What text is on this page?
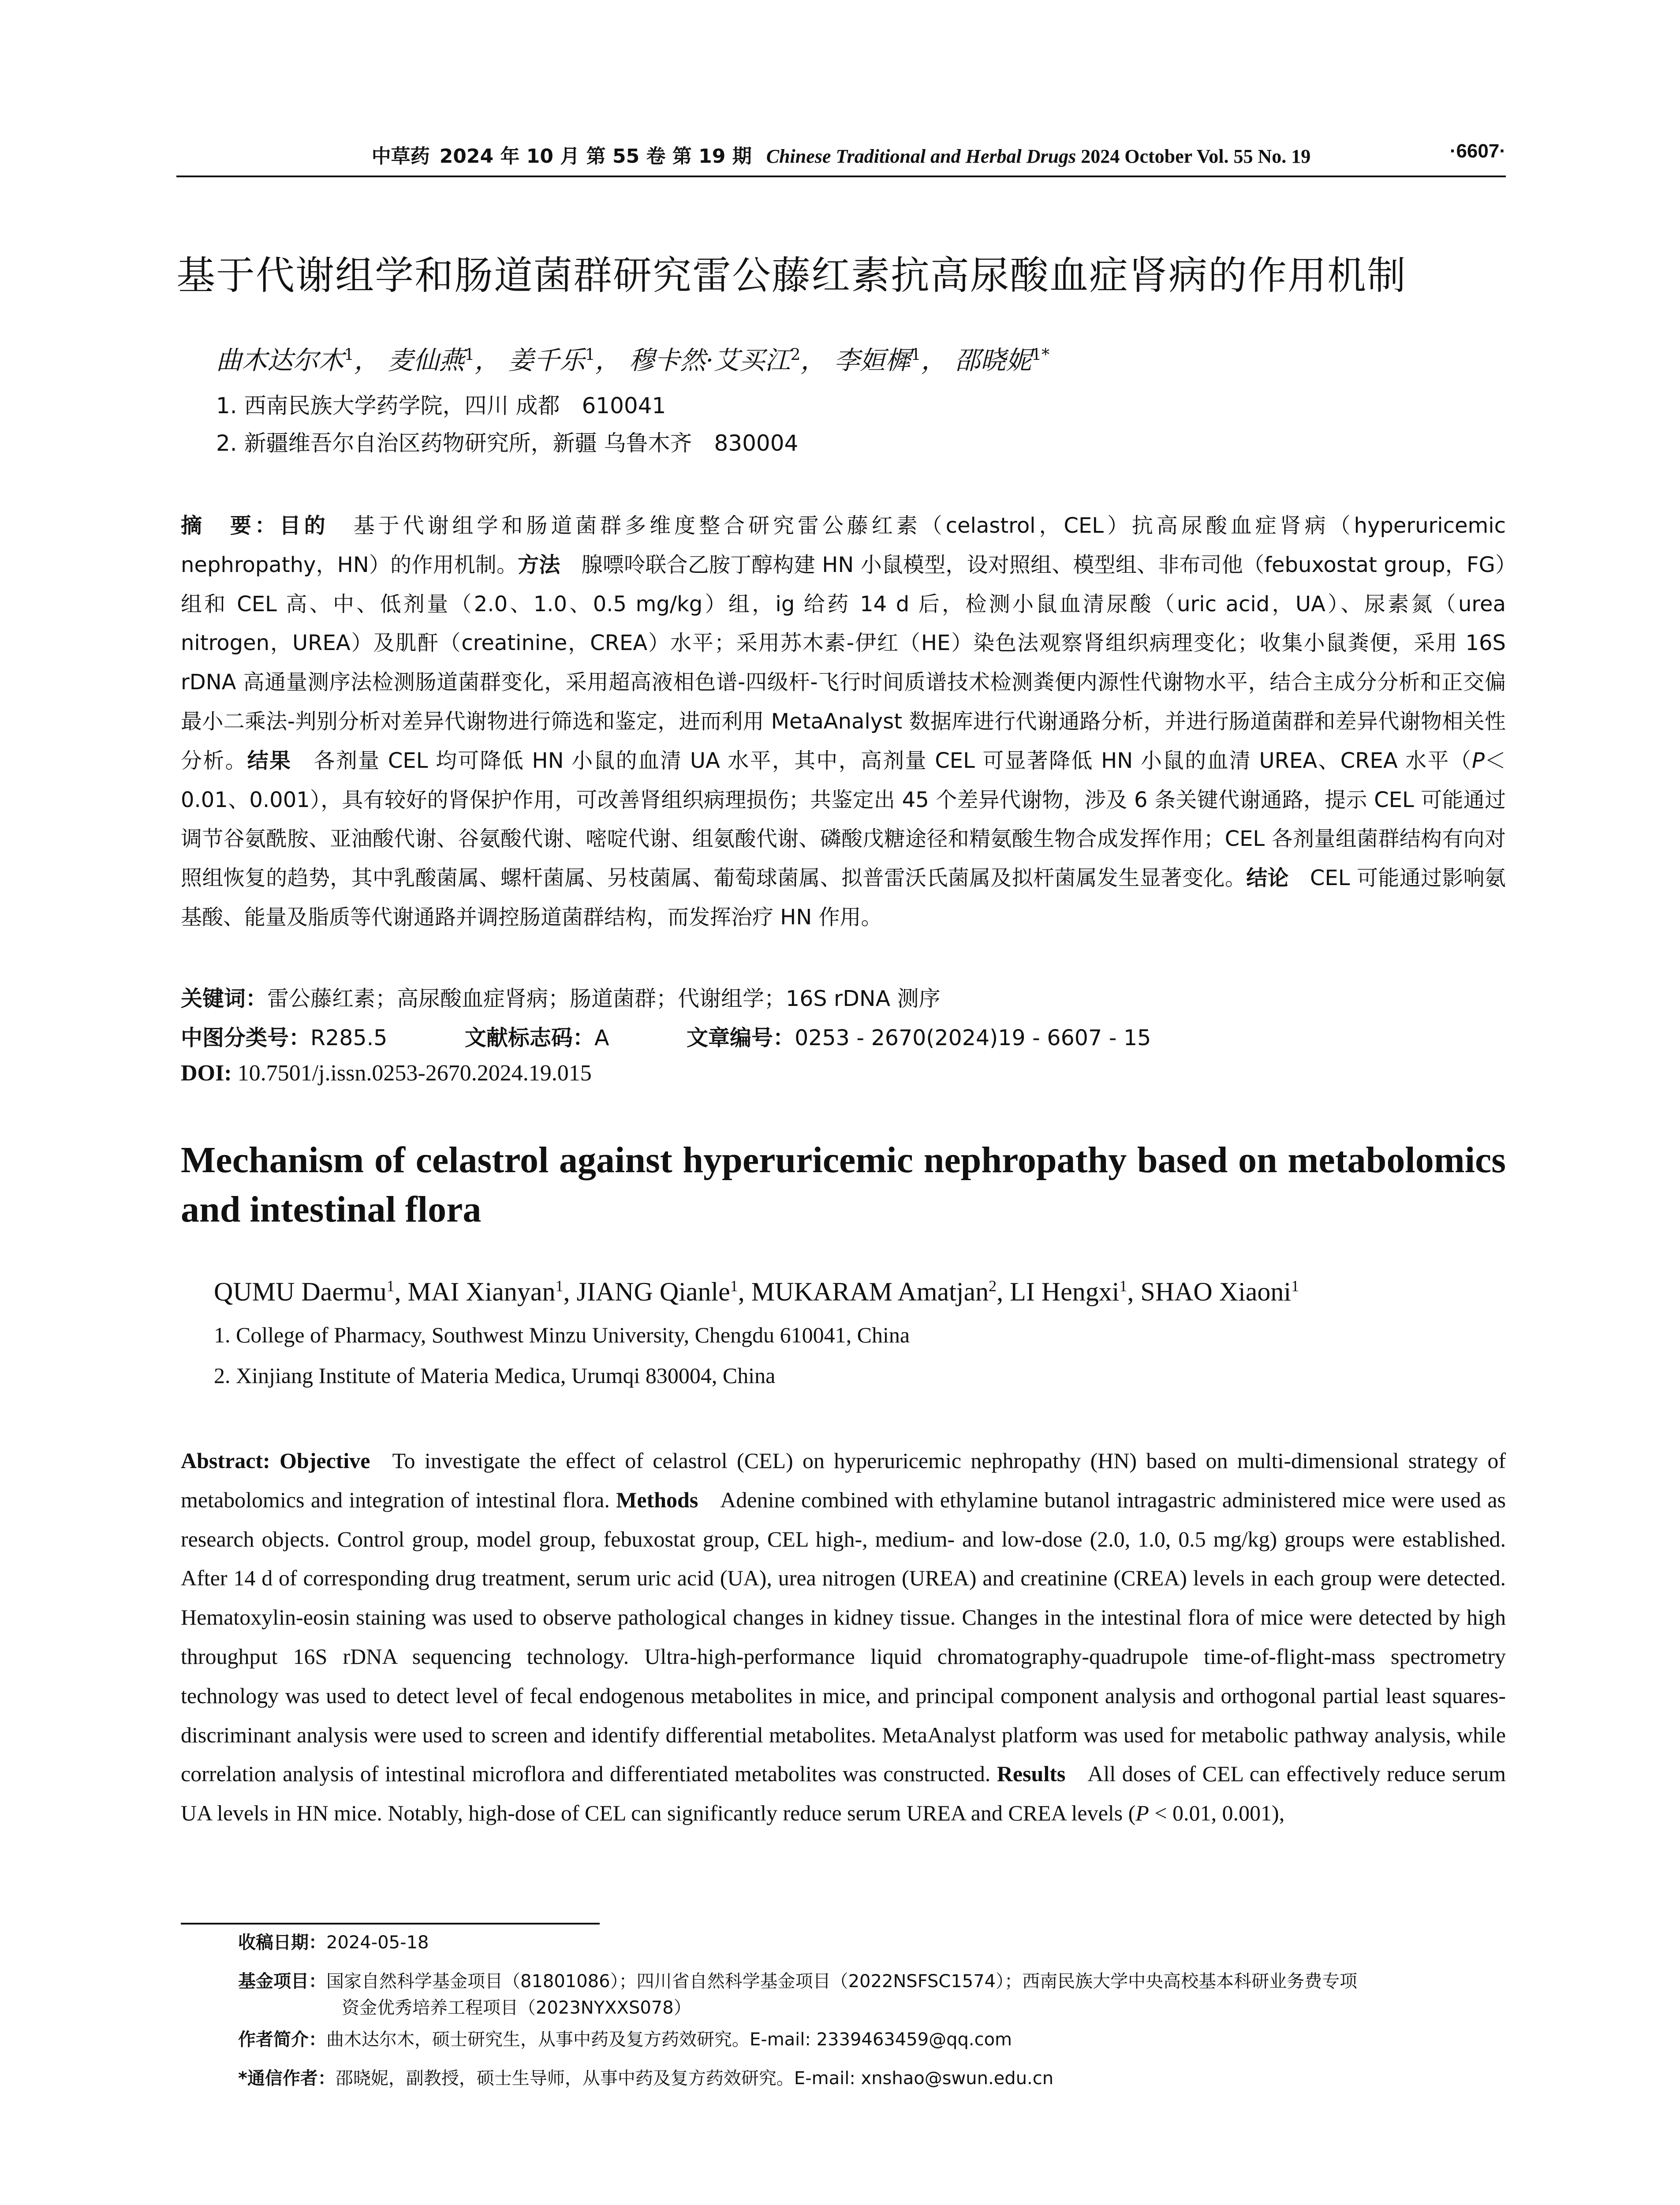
中草药 2024 年 10 月 第 55 卷 第 19 期 Chinese Traditional and Herbal Drugs 2024 October Vol. 55 No. 19	·6607·
基于代谢组学和肠道菌群研究雷公藤红素抗高尿酸血症肾病的作用机制
曲木达尔木$^1$， 麦仙燕$^1$， 姜千乐$^1$， 穆卡然·艾买江$^2$， 李姮樨$^1$， 邵晓妮$^{1*}$
1. 西南民族大学药学院，四川 成都　610041
2. 新疆维吾尔自治区药物研究所，新疆 乌鲁木齐　830004
摘　要：目的  基于代谢组学和肠道菌群多维度整合研究雷公藤红素（celastrol，CEL）抗高尿酸血症肾病（hyperuricemic nephropathy，HN）的作用机制。方法  腺嘌呤联合乙胺丁醇构建 HN 小鼠模型，设对照组、模型组、非布司他（febuxostat group，FG）组和 CEL 高、中、低剂量（2.0、1.0、0.5 mg/kg）组，ig 给药 14 d 后，检测小鼠血清尿酸（uric acid，UA）、尿素氮（urea nitrogen，UREA）及肌酐（creatinine，CREA）水平；采用苏木素-伊红（HE）染色法观察肾组织病理变化；收集小鼠粪便，采用 16S rDNA 高通量测序法检测肠道菌群变化，采用超高液相色谱-四级杆-飞行时间质谱技术检测粪便内源性代谢物水平，结合主成分分析和正交偏最小二乘法-判别分析对差异代谢物进行筛选和鉴定，进而利用 MetaAnalyst 数据库进行代谢通路分析，并进行肠道菌群和差异代谢物相关性分析。结果  各剂量 CEL 均可降低 HN 小鼠的血清 UA 水平，其中，高剂量 CEL 可显著降低 HN 小鼠的血清 UREA、CREA 水平（P＜0.01、0.001），具有较好的肾保护作用，可改善肾组织病理损伤；共鉴定出 45 个差异代谢物，涉及 6 条关键代谢通路，提示 CEL 可能通过调节谷氨酰胺、亚油酸代谢、谷氨酸代谢、嘧啶代谢、组氨酸代谢、磷酸戊糖途径和精氨酸生物合成发挥作用；CEL 各剂量组菌群结构有向对照组恢复的趋势，其中乳酸菌属、螺杆菌属、另枝菌属、葡萄球菌属、拟普雷沃氏菌属及拟杆菌属发生显著变化。结论  CEL 可能通过影响氨基酸、能量及脂质等代谢通路并调控肠道菌群结构，而发挥治疗 HN 作用。
关键词：雷公藤红素；高尿酸血症肾病；肠道菌群；代谢组学；16S rDNA 测序
中图分类号：R285.5	文献标志码：A	文章编号：0253 - 2670(2024)19 - 6607 - 15
DOI: 10.7501/j.issn.0253-2670.2024.19.015
Mechanism of celastrol against hyperuricemic nephropathy based on metabolomics and intestinal flora
QUMU Daermu$^1$, MAI Xianyan$^1$, JIANG Qianle$^1$, MUKARAM Amatjan$^2$, LI Hengxi$^1$, SHAO Xiaoni$^1$
1. College of Pharmacy, Southwest Minzu University, Chengdu 610041, China
2. Xinjiang Institute of Materia Medica, Urumqi 830004, China
Abstract: Objective  To investigate the effect of celastrol (CEL) on hyperuricemic nephropathy (HN) based on multi-dimensional strategy of metabolomics and integration of intestinal flora. Methods  Adenine combined with ethylamine butanol intragastric administered mice were used as research objects. Control group, model group, febuxostat group, CEL high-, medium- and low-dose (2.0, 1.0, 0.5 mg/kg) groups were established. After 14 d of corresponding drug treatment, serum uric acid (UA), urea nitrogen (UREA) and creatinine (CREA) levels in each group were detected. Hematoxylin-eosin staining was used to observe pathological changes in kidney tissue. Changes in the intestinal flora of mice were detected by high throughput 16S rDNA sequencing technology. Ultra-high-performance liquid chromatography-quadrupole time-of-flight-mass spectrometry technology was used to detect level of fecal endogenous metabolites in mice, and principal component analysis and orthogonal partial least squares-discriminant analysis were used to screen and identify differential metabolites. MetaAnalyst platform was used for metabolic pathway analysis, while correlation analysis of intestinal microflora and differentiated metabolites was constructed. Results  All doses of CEL can effectively reduce serum UA levels in HN mice. Notably, high-dose of CEL can significantly reduce serum UREA and CREA levels (P < 0.01, 0.001),
收稿日期：2024-05-18
基金项目：国家自然科学基金项目（81801086）；四川省自然科学基金项目（2022NSFSC1574）；西南民族大学中央高校基本科研业务费专项
资金优秀培养工程项目（2023NYXXS078）
作者简介：曲木达尔木，硕士研究生，从事中药及复方药效研究。E-mail: 2339463459@qq.com
*通信作者：邵晓妮，副教授，硕士生导师，从事中药及复方药效研究。E-mail: xnshao@swun.edu.cn
